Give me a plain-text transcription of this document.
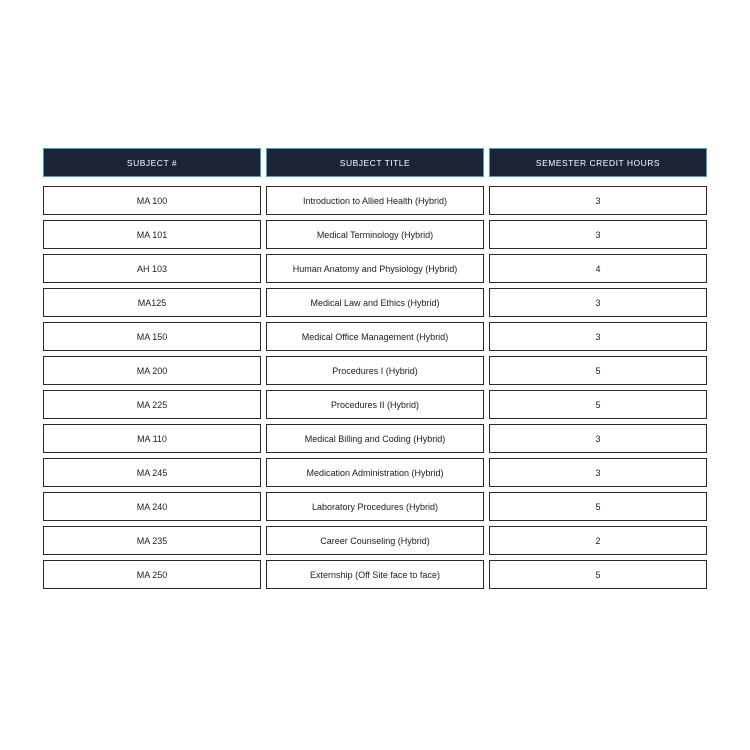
SUBJECT #	SUBJECT TITLE	SEMESTER CREDIT HOURS
MA 100	Introduction to Allied Health (Hybrid)	3
MA 101	Medical Terminology (Hybrid)	3
AH 103	Human Anatomy and Physiology (Hybrid)	4
MA125	Medical Law and Ethics (Hybrid)	3
MA 150	Medical Office Management (Hybrid)	3
MA 200	Procedures I (Hybrid)	5
MA 225	Procedures II (Hybrid)	5
MA 110	Medical Billing and Coding (Hybrid)	3
MA 245	Medication Administration (Hybrid)	3
MA 240	Laboratory Procedures (Hybrid)	5
MA 235	Career Counseling (Hybrid)	2
MA 250	Externship (Off Site face to face)	5
